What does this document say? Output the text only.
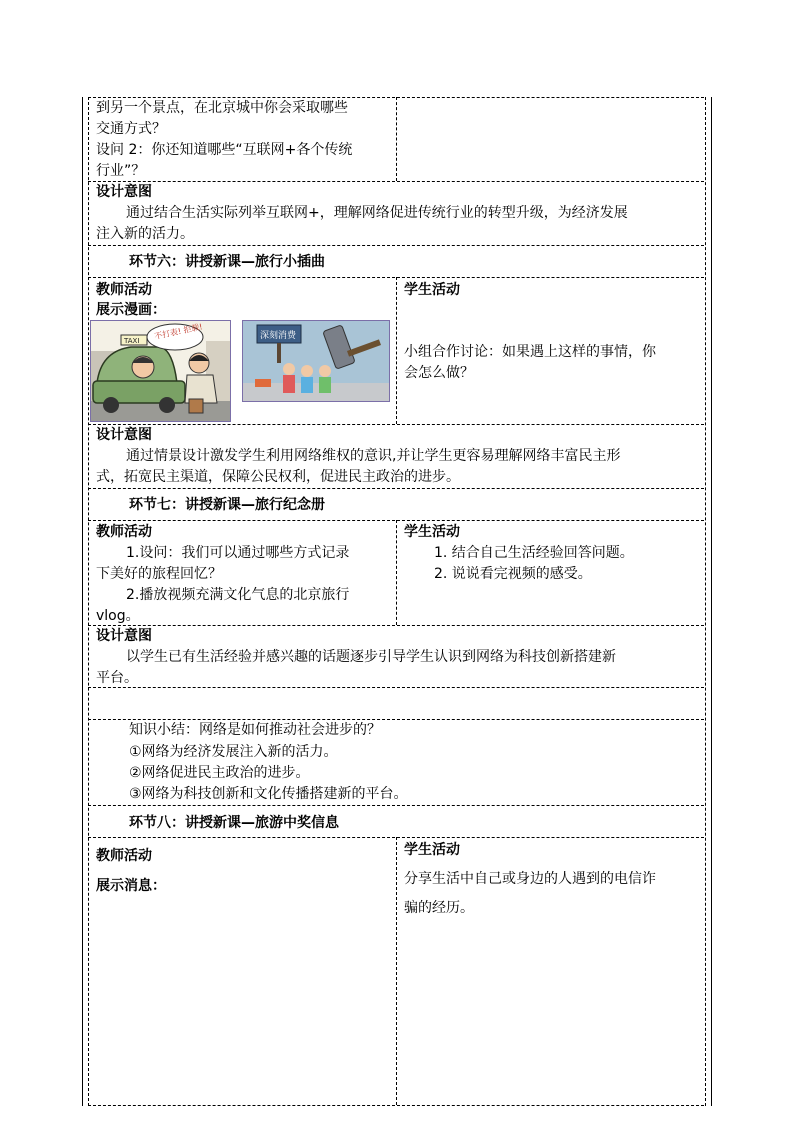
到另一个景点，在北京城中你会采取哪些
交通方式？
设问 2：你还知道哪些“互联网+各个传统
行业”？
设计意图
通过结合生活实际列举互联网+，理解网络促进传统行业的转型升级，为经济发展
注入新的活力。
环节六：讲授新课—旅行小插曲
教师活动
展示漫画：
学生活动
小组合作讨论：如果遇上这样的事情，你
会怎么做？
TAXI 不打表! 拒载!	深刻消费
设计意图
通过情景设计激发学生利用网络维权的意识,并让学生更容易理解网络丰富民主形
式，拓宽民主渠道，保障公民权利，促进民主政治的进步。
环节七：讲授新课—旅行纪念册
教师活动
1.设问：我们可以通过哪些方式记录
下美好的旅程回忆？
2.播放视频充满文化气息的北京旅行
vlog。
学生活动
1. 结合自己生活经验回答问题。
2. 说说看完视频的感受。
设计意图
以学生已有生活经验并感兴趣的话题逐步引导学生认识到网络为科技创新搭建新
平台。
知识小结：网络是如何推动社会进步的？
①网络为经济发展注入新的活力。
②网络促进民主政治的进步。
③网络为科技创新和文化传播搭建新的平台。
环节八：讲授新课—旅游中奖信息
教师活动
展示消息：
学生活动
分享生活中自己或身边的人遇到的电信诈
骗的经历。
